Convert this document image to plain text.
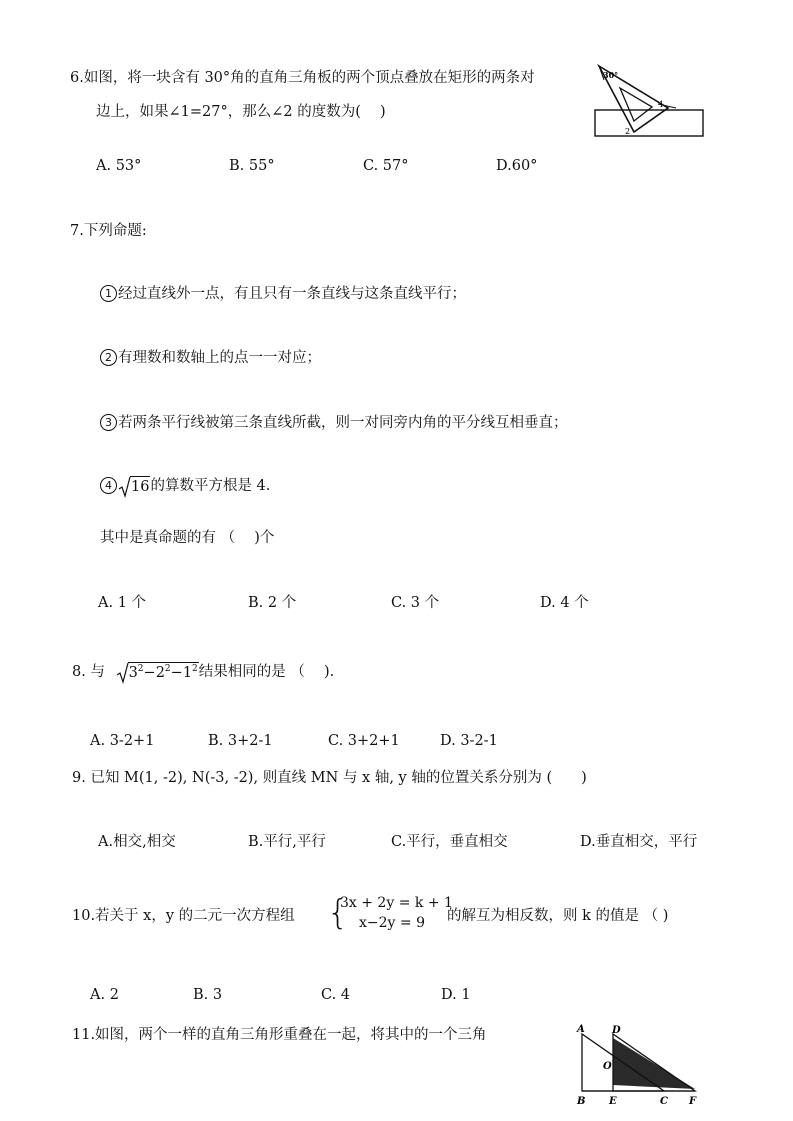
6.如图，将一块含有 30°角的直角三角板的两个顶点叠放在矩形的两条对
边上，如果∠1=27°，那么∠2 的度数为(　 )
30°
1
2
A. 53°	B. 55°	C. 57°	D.60°
7.下列命题:
1 经过直线外一点，有且只有一条直线与这条直线平行；
2 有理数和数轴上的点一一对应；
3 若两条平行线被第三条直线所截，则一对同旁内角的平分线互相垂直；
4 16的算数平方根是 4.
其中是真命题的有 （　 )个
A. 1 个	B. 2 个	C. 3 个	D. 4 个
8. 与 $3^2-2^2-1^2$结果相同的是 （　 ).
A. 3-2+1	B. 3+2-1	C. 3+2+1	D. 3-2-1
9. 已知 M(1, -2), N(-3, -2), 则直线 MN 与 x 轴, y 轴的位置关系分别为 (　　)
A.相交,相交	B.平行,平行	C.平行，垂直相交	D.垂直相交，平行
10.若关于 x，y 的二元一次方程组 {
3x + 2y = k + 1
x−2y = 9 的解互为相反数，则 k 的值是 （ )
A. 2	B. 3	C. 4	D. 1
11.如图，两个一样的直角三角形重叠在一起，将其中的一个三角	A	D
O
B E	C F
